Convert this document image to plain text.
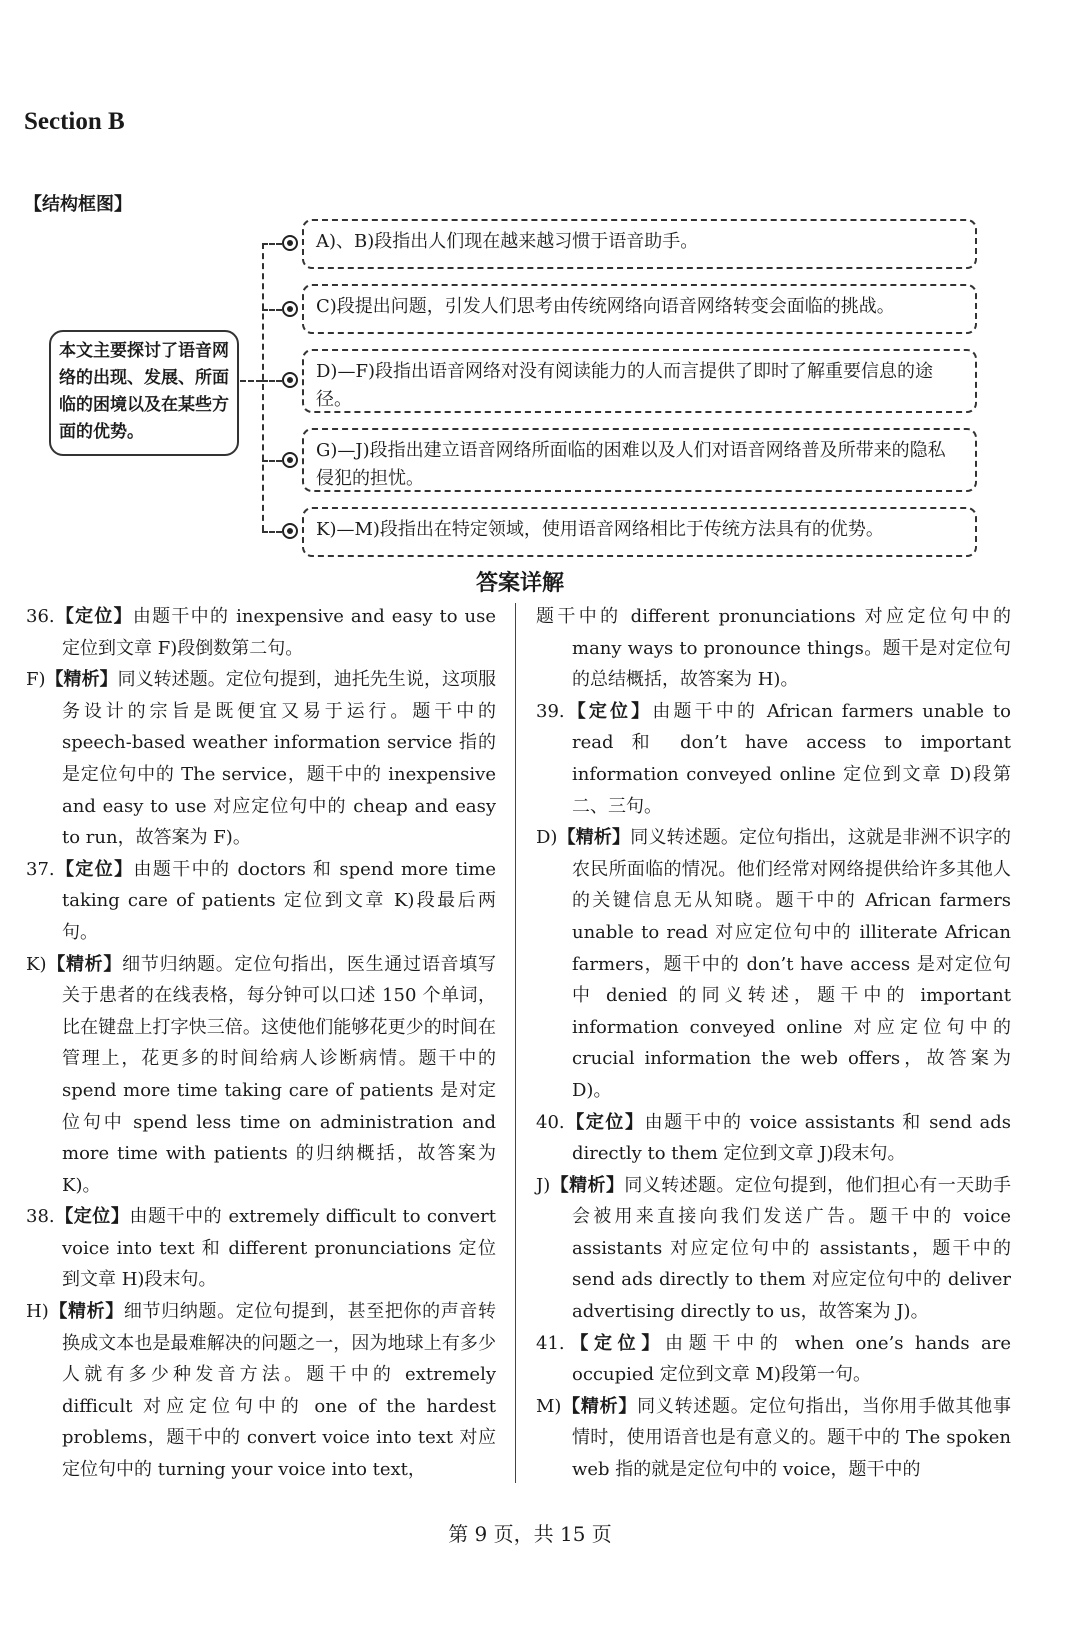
Section B
【结构框图】
本文主要探讨了语音网络的出现、发展、所面临的困境以及在某些方面的优势。
A)、B)段指出人们现在越来越习惯于语音助手。
C)段提出问题，引发人们思考由传统网络向语音网络转变会面临的挑战。
D)—F)段指出语音网络对没有阅读能力的人而言提供了即时了解重要信息的途径。
G)—J)段指出建立语音网络所面临的困难以及人们对语音网络普及所带来的隐私侵犯的担忧。
K)—M)段指出在特定领域，使用语音网络相比于传统方法具有的优势。
答案详解

36.【定位】由题干中的 inexpensive and easy to use 定位到文章 F)段倒数第二句。

F)【精析】同义转述题。定位句提到，迪托先生说，这项服务设计的宗旨是既便宜又易于运行。题干中的 speech-based weather information service 指的是定位句中的 The service，题干中的 inexpensive and easy to use 对应定位句中的 cheap and easy to run，故答案为 F)。

37.【定位】由题干中的 doctors 和 spend more time taking care of patients 定位到文章 K)段最后两句。

K)【精析】细节归纳题。定位句指出，医生通过语音填写关于患者的在线表格，每分钟可以口述 150 个单词，比在键盘上打字快三倍。这使他们能够花更少的时间在管理上，花更多的时间给病人诊断病情。题干中的 spend more time taking care of patients 是对定位句中 spend less time on administration and more time with patients 的归纳概括，故答案为 K)。

38.【定位】由题干中的 extremely difficult to convert voice into text 和 different pronunciations 定位到文章 H)段末句。

H)【精析】细节归纳题。定位句提到，甚至把你的声音转换成文本也是最难解决的问题之一，因为地球上有多少人就有多少种发音方法。题干中的 extremely difficult 对应定位句中的 one of the hardest problems，题干中的 convert voice into text 对应定位句中的 turning your voice into text，

题干中的 different pronunciations 对应定位句中的 many ways to pronounce things。题干是对定位句的总结概括，故答案为 H)。

39.【定位】由题干中的 African farmers unable to read 和 don’t have access to important information conveyed online 定位到文章 D)段第二、三句。

D)【精析】同义转述题。定位句指出，这就是非洲不识字的农民所面临的情况。他们经常对网络提供给许多其他人的关键信息无从知晓。题干中的 African farmers unable to read 对应定位句中的 illiterate African farmers，题干中的 don’t have access 是对定位句中 denied 的同义转述，题干中的 important information conveyed online 对应定位句中的 crucial information the web offers，故答案为 D)。

40.【定位】由题干中的 voice assistants 和 send ads directly to them 定位到文章 J)段末句。

J)【精析】同义转述题。定位句提到，他们担心有一天助手会被用来直接向我们发送广告。题干中的 voice assistants 对应定位句中的 assistants，题干中的 send ads directly to them 对应定位句中的 deliver advertising directly to us，故答案为 J)。

41.【定位】由题干中的 when one’s hands are occupied 定位到文章 M)段第一句。

M)【精析】同义转述题。定位句指出，当你用手做其他事情时，使用语音也是有意义的。题干中的 The spoken web 指的就是定位句中的 voice，题干中的

第 9 页，共 15 页
